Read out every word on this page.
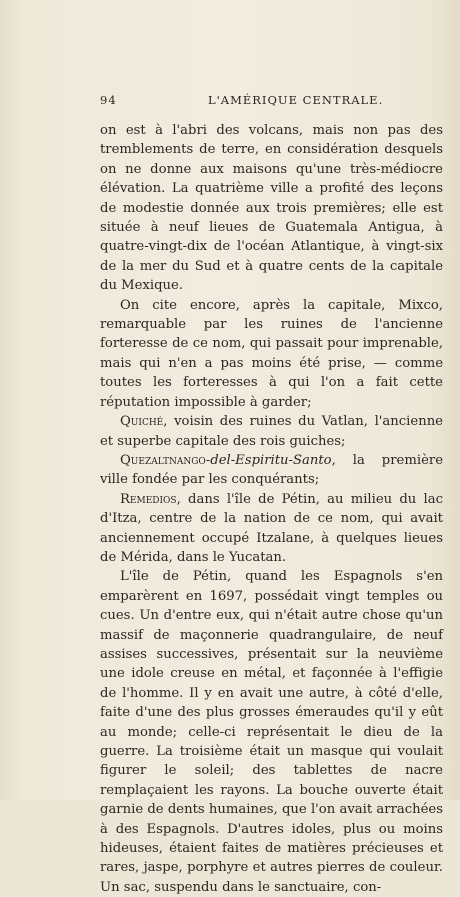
94	L'AMÉRIQUE CENTRALE.

on est à l'abri des volcans, mais non pas des tremblements de terre, en considération desquels on ne donne aux maisons qu'une très-médiocre élévation. La quatrième ville a profité des leçons de modestie donnée aux trois premières; elle est située à neuf lieues de Guatemala Antigua, à quatre-vingt-dix de l'océan Atlantique, à vingt-six de la mer du Sud et à quatre cents de la capitale du Mexique.

On cite encore, après la capitale, Mixco, remarquable par les ruines de l'ancienne forteresse de ce nom, qui passait pour imprenable, mais qui n'en a pas moins été prise, — comme toutes les forteresses à qui l'on a fait cette réputation impossible à garder;

Quiché, voisin des ruines du Vatlan, l'ancienne et superbe capitale des rois guiches;

Quezaltnango-del-Espiritu-Santo, la première ville fondée par les conquérants;

Remedios, dans l'île de Pétin, au milieu du lac d'Itza, centre de la nation de ce nom, qui avait anciennement occupé Itzalane, à quelques lieues de Mérida, dans le Yucatan.

L'île de Pétin, quand les Espagnols s'en emparèrent en 1697, possédait vingt temples ou cues. Un d'entre eux, qui n'était autre chose qu'un massif de maçonnerie quadrangulaire, de neuf assises successives, présentait sur la neuvième une idole creuse en métal, et façonnée à l'effigie de l'homme. Il y en avait une autre, à côté d'elle, faite d'une des plus grosses émeraudes qu'il y eût au monde; celle-ci représentait le dieu de la guerre. La troisième était un masque qui voulait figurer le soleil; des tablettes de nacre remplaçaient les rayons. La bouche ouverte était garnie de dents humaines, que l'on avait arrachées à des Espagnols. D'autres idoles, plus ou moins hideuses, étaient faites de matières précieuses et rares, jaspe, porphyre et autres pierres de couleur. Un sac, suspendu dans le sanctuaire, con-
